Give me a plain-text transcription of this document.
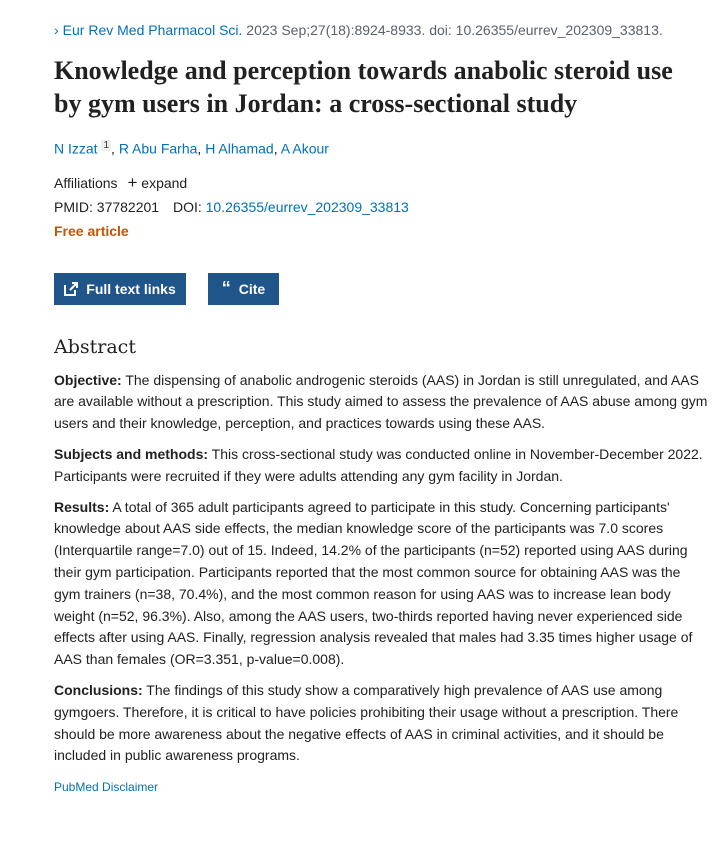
› Eur Rev Med Pharmacol Sci. 2023 Sep;27(18):8924-8933. doi: 10.26355/eurrev_202309_33813.
Knowledge and perception towards anabolic steroid use by gym users in Jordan: a cross-sectional study
N Izzat $^1$ , R Abu Farha, H Alhamad, A Akour
Affiliations + expand
PMID: 37782201 DOI: 10.26355/eurrev_202309_33813
Free article
Full text links	“ Cite
Abstract

Objective: The dispensing of anabolic androgenic steroids (AAS) in Jordan is still unregulated, and AAS are available without a prescription. This study aimed to assess the prevalence of AAS abuse among gym users and their knowledge, perception, and practices towards using these AAS.

Subjects and methods: This cross-sectional study was conducted online in November-December 2022. Participants were recruited if they were adults attending any gym facility in Jordan.

Results: A total of 365 adult participants agreed to participate in this study. Concerning participants' knowledge about AAS side effects, the median knowledge score of the participants was 7.0 scores (Interquartile range=7.0) out of 15. Indeed, 14.2% of the participants (n=52) reported using AAS during their gym participation. Participants reported that the most common source for obtaining AAS was the gym trainers (n=38, 70.4%), and the most common reason for using AAS was to increase lean body weight (n=52, 96.3%). Also, among the AAS users, two-thirds reported having never experienced side effects after using AAS. Finally, regression analysis revealed that males had 3.35 times higher usage of AAS than females (OR=3.351, p-value=0.008).

Conclusions: The findings of this study show a comparatively high prevalence of AAS use among gymgoers. Therefore, it is critical to have policies prohibiting their usage without a prescription. There should be more awareness about the negative effects of AAS in criminal activities, and it should be included in public awareness programs.

PubMed Disclaimer
